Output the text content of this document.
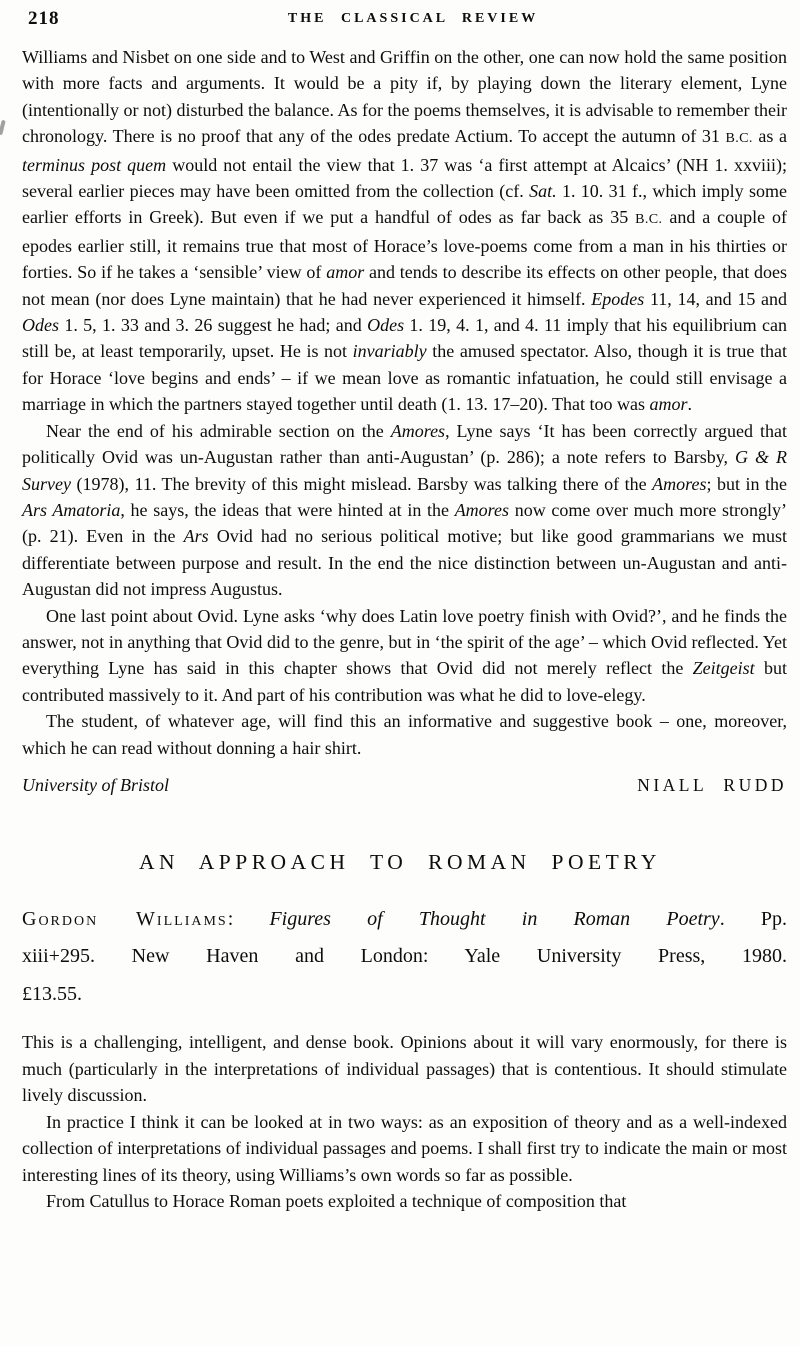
218	THE CLASSICAL REVIEW

Williams and Nisbet on one side and to West and Griffin on the other, one can now hold the same position with more facts and arguments. It would be a pity if, by playing down the literary element, Lyne (intentionally or not) disturbed the balance. As for the poems themselves, it is advisable to remember their chronology. There is no proof that any of the odes predate Actium. To accept the autumn of 31 B.C. as a terminus post quem would not entail the view that 1. 37 was ‘a first attempt at Alcaics’ (NH 1. xxviii); several earlier pieces may have been omitted from the collection (cf. Sat. 1. 10. 31 f., which imply some earlier efforts in Greek). But even if we put a handful of odes as far back as 35 B.C. and a couple of epodes earlier still, it remains true that most of Horace’s love-poems come from a man in his thirties or forties. So if he takes a ‘sensible’ view of amor and tends to describe its effects on other people, that does not mean (nor does Lyne maintain) that he had never experienced it himself. Epodes 11, 14, and 15 and Odes 1. 5, 1. 33 and 3. 26 suggest he had; and Odes 1. 19, 4. 1, and 4. 11 imply that his equilibrium can still be, at least temporarily, upset. He is not invariably the amused spectator. Also, though it is true that for Horace ‘love begins and ends’ – if we mean love as romantic infatuation, he could still envisage a marriage in which the partners stayed together until death (1. 13. 17–20). That too was amor.

Near the end of his admirable section on the Amores, Lyne says ‘It has been correctly argued that politically Ovid was un-Augustan rather than anti-Augustan’ (p. 286); a note refers to Barsby, G & R Survey (1978), 11. The brevity of this might mislead. Barsby was talking there of the Amores; but in the Ars Amatoria, he says, the ideas that were hinted at in the Amores now come over much more strongly’ (p. 21). Even in the Ars Ovid had no serious political motive; but like good grammarians we must differentiate between purpose and result. In the end the nice distinction between un-Augustan and anti-Augustan did not impress Augustus.

One last point about Ovid. Lyne asks ‘why does Latin love poetry finish with Ovid?’, and he finds the answer, not in anything that Ovid did to the genre, but in ‘the spirit of the age’ – which Ovid reflected. Yet everything Lyne has said in this chapter shows that Ovid did not merely reflect the Zeitgeist but contributed massively to it. And part of his contribution was what he did to love-elegy.

The student, of whatever age, will find this an informative and suggestive book – one, moreover, which he can read without donning a hair shirt.

University of Bristol	NIALL RUDD
AN APPROACH TO ROMAN POETRY

Gordon Williams: Figures of Thought in Roman Poetry. Pp.
xiii+295. New Haven and London: Yale University Press, 1980.
£13.55.

This is a challenging, intelligent, and dense book. Opinions about it will vary enormously, for there is much (particularly in the interpretations of individual passages) that is contentious. It should stimulate lively discussion.

In practice I think it can be looked at in two ways: as an exposition of theory and as a well-indexed collection of interpretations of individual passages and poems. I shall first try to indicate the main or most interesting lines of its theory, using Williams’s own words so far as possible.

From Catullus to Horace Roman poets exploited a technique of composition that
